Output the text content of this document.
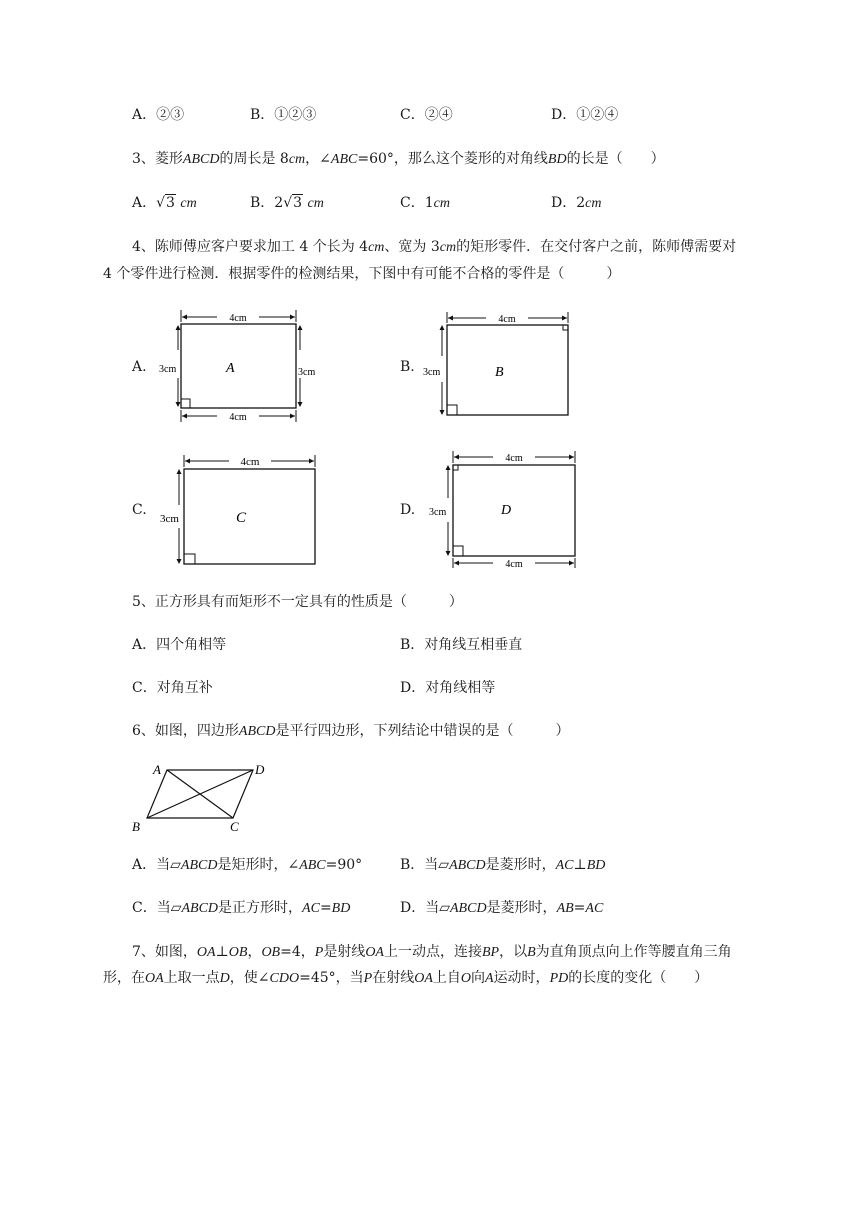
A．②③	B．①②③	C．②④	D．①②④
3、菱形ABCD的周长是 8cm，∠ABC=60°，那么这个菱形的对角线BD的长是（　　）
A．√3 cm	B．2√3 cm	C．1cm	D．2cm
4、陈师傅应客户要求加工 4 个长为 4cm、宽为 3cm的矩形零件．在交付客户之前，陈师傅需要对
4 个零件进行检测．根据零件的检测结果，下图中有可能不合格的零件是（　　　）
A.
4cm
4cm
3cm	3cm
A	B.
4cm
3cm	B
C.
4cm
3cm	C	D.
4cm
4cm
3cm	D
5、正方形具有而矩形不一定具有的性质是（　　　）
A．四个角相等	B．对角线互相垂直
C．对角互补	D．对角线相等
6、如图，四边形ABCD是平行四边形，下列结论中错误的是（　　　）
A	D
B	C
A．当▱ABCD是矩形时，∠ABC=90°	B．当▱ABCD是菱形时，AC⊥BD
C．当▱ABCD是正方形时，AC=BD	D．当▱ABCD是菱形时，AB=AC
7、如图，OA⊥OB，OB=4，P是射线OA上一动点，连接BP，以B为直角顶点向上作等腰直角三角
形，在OA上取一点D，使∠CDO=45°，当P在射线OA上自O向A运动时，PD的长度的变化（　　）
